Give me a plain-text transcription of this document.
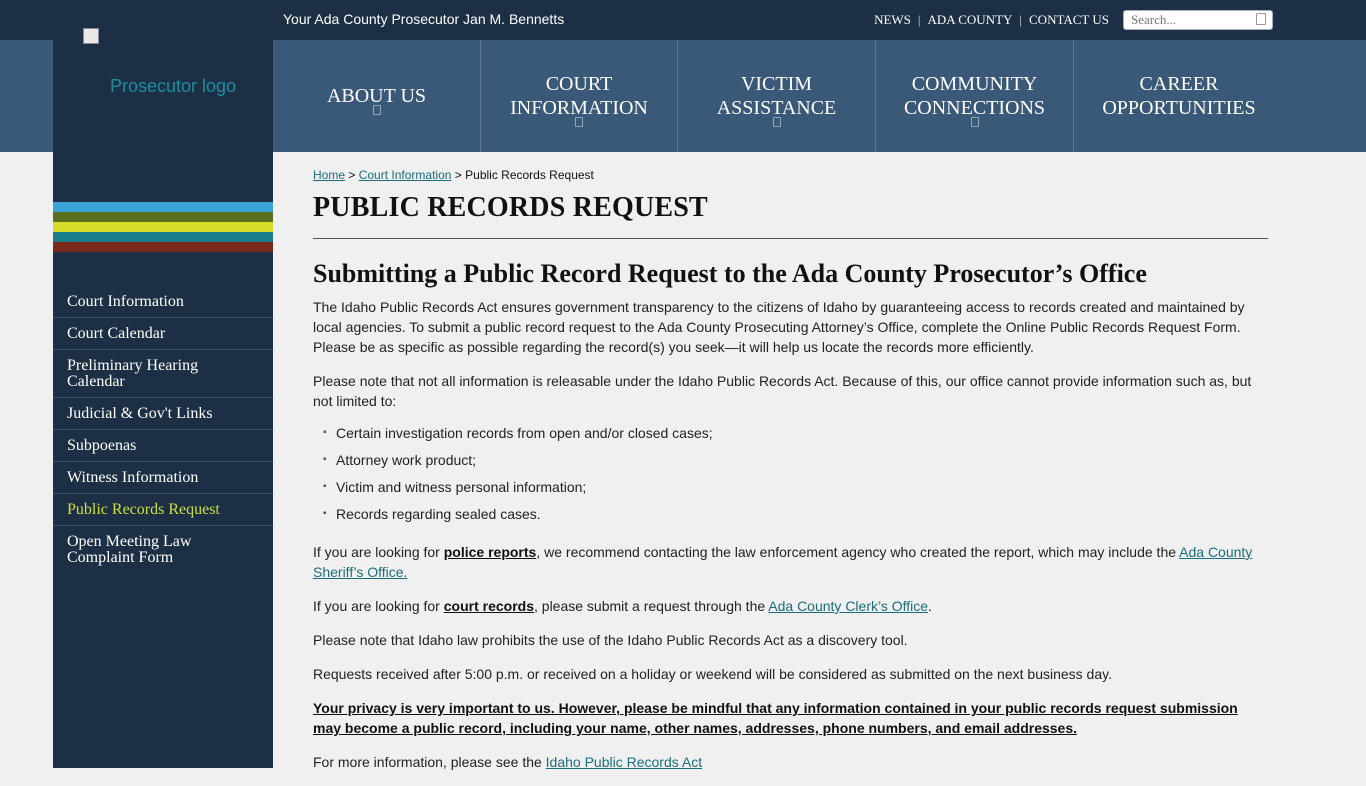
Your Ada County Prosecutor Jan M. Bennetts	NEWS | ADA COUNTY | CONTACT US
Search...
ABOUT US
COURT
INFORMATION
VICTIM
ASSISTANCE
COMMUNITY
CONNECTIONS
CAREER
OPPORTUNITIES
Prosecutor logo
Court Information
Court Calendar
Preliminary Hearing Calendar
Judicial & Gov't Links
Subpoenas
Witness Information
Public Records Request
Open Meeting Law Complaint Form
Home > Court Information > Public Records Request
PUBLIC RECORDS REQUEST
Submitting a Public Record Request to the Ada County Prosecutor’s Office

The Idaho Public Records Act ensures government transparency to the citizens of Idaho by guaranteeing access to records created and maintained by local agencies. To submit a public record request to the Ada County Prosecuting Attorney’s Office, complete the Online Public Records Request Form. Please be as specific as possible regarding the record(s) you seek—it will help us locate the records more efficiently.

Please note that not all information is releasable under the Idaho Public Records Act. Because of this, our office cannot provide information such as, but not limited to:

▪ Certain investigation records from open and/or closed cases;
▪ Attorney work product;
▪ Victim and witness personal information;
▪ Records regarding sealed cases.

If you are looking for police reports, we recommend contacting the law enforcement agency who created the report, which may include the Ada County Sheriff’s Office.

If you are looking for court records, please submit a request through the Ada County Clerk’s Office.

Please note that Idaho law prohibits the use of the Idaho Public Records Act as a discovery tool.

Requests received after 5:00 p.m. or received on a holiday or weekend will be considered as submitted on the next business day.

Your privacy is very important to us. However, please be mindful that any information contained in your public records request submission may become a public record, including your name, other names, addresses, phone numbers, and email addresses.

For more information, please see the Idaho Public Records Act
